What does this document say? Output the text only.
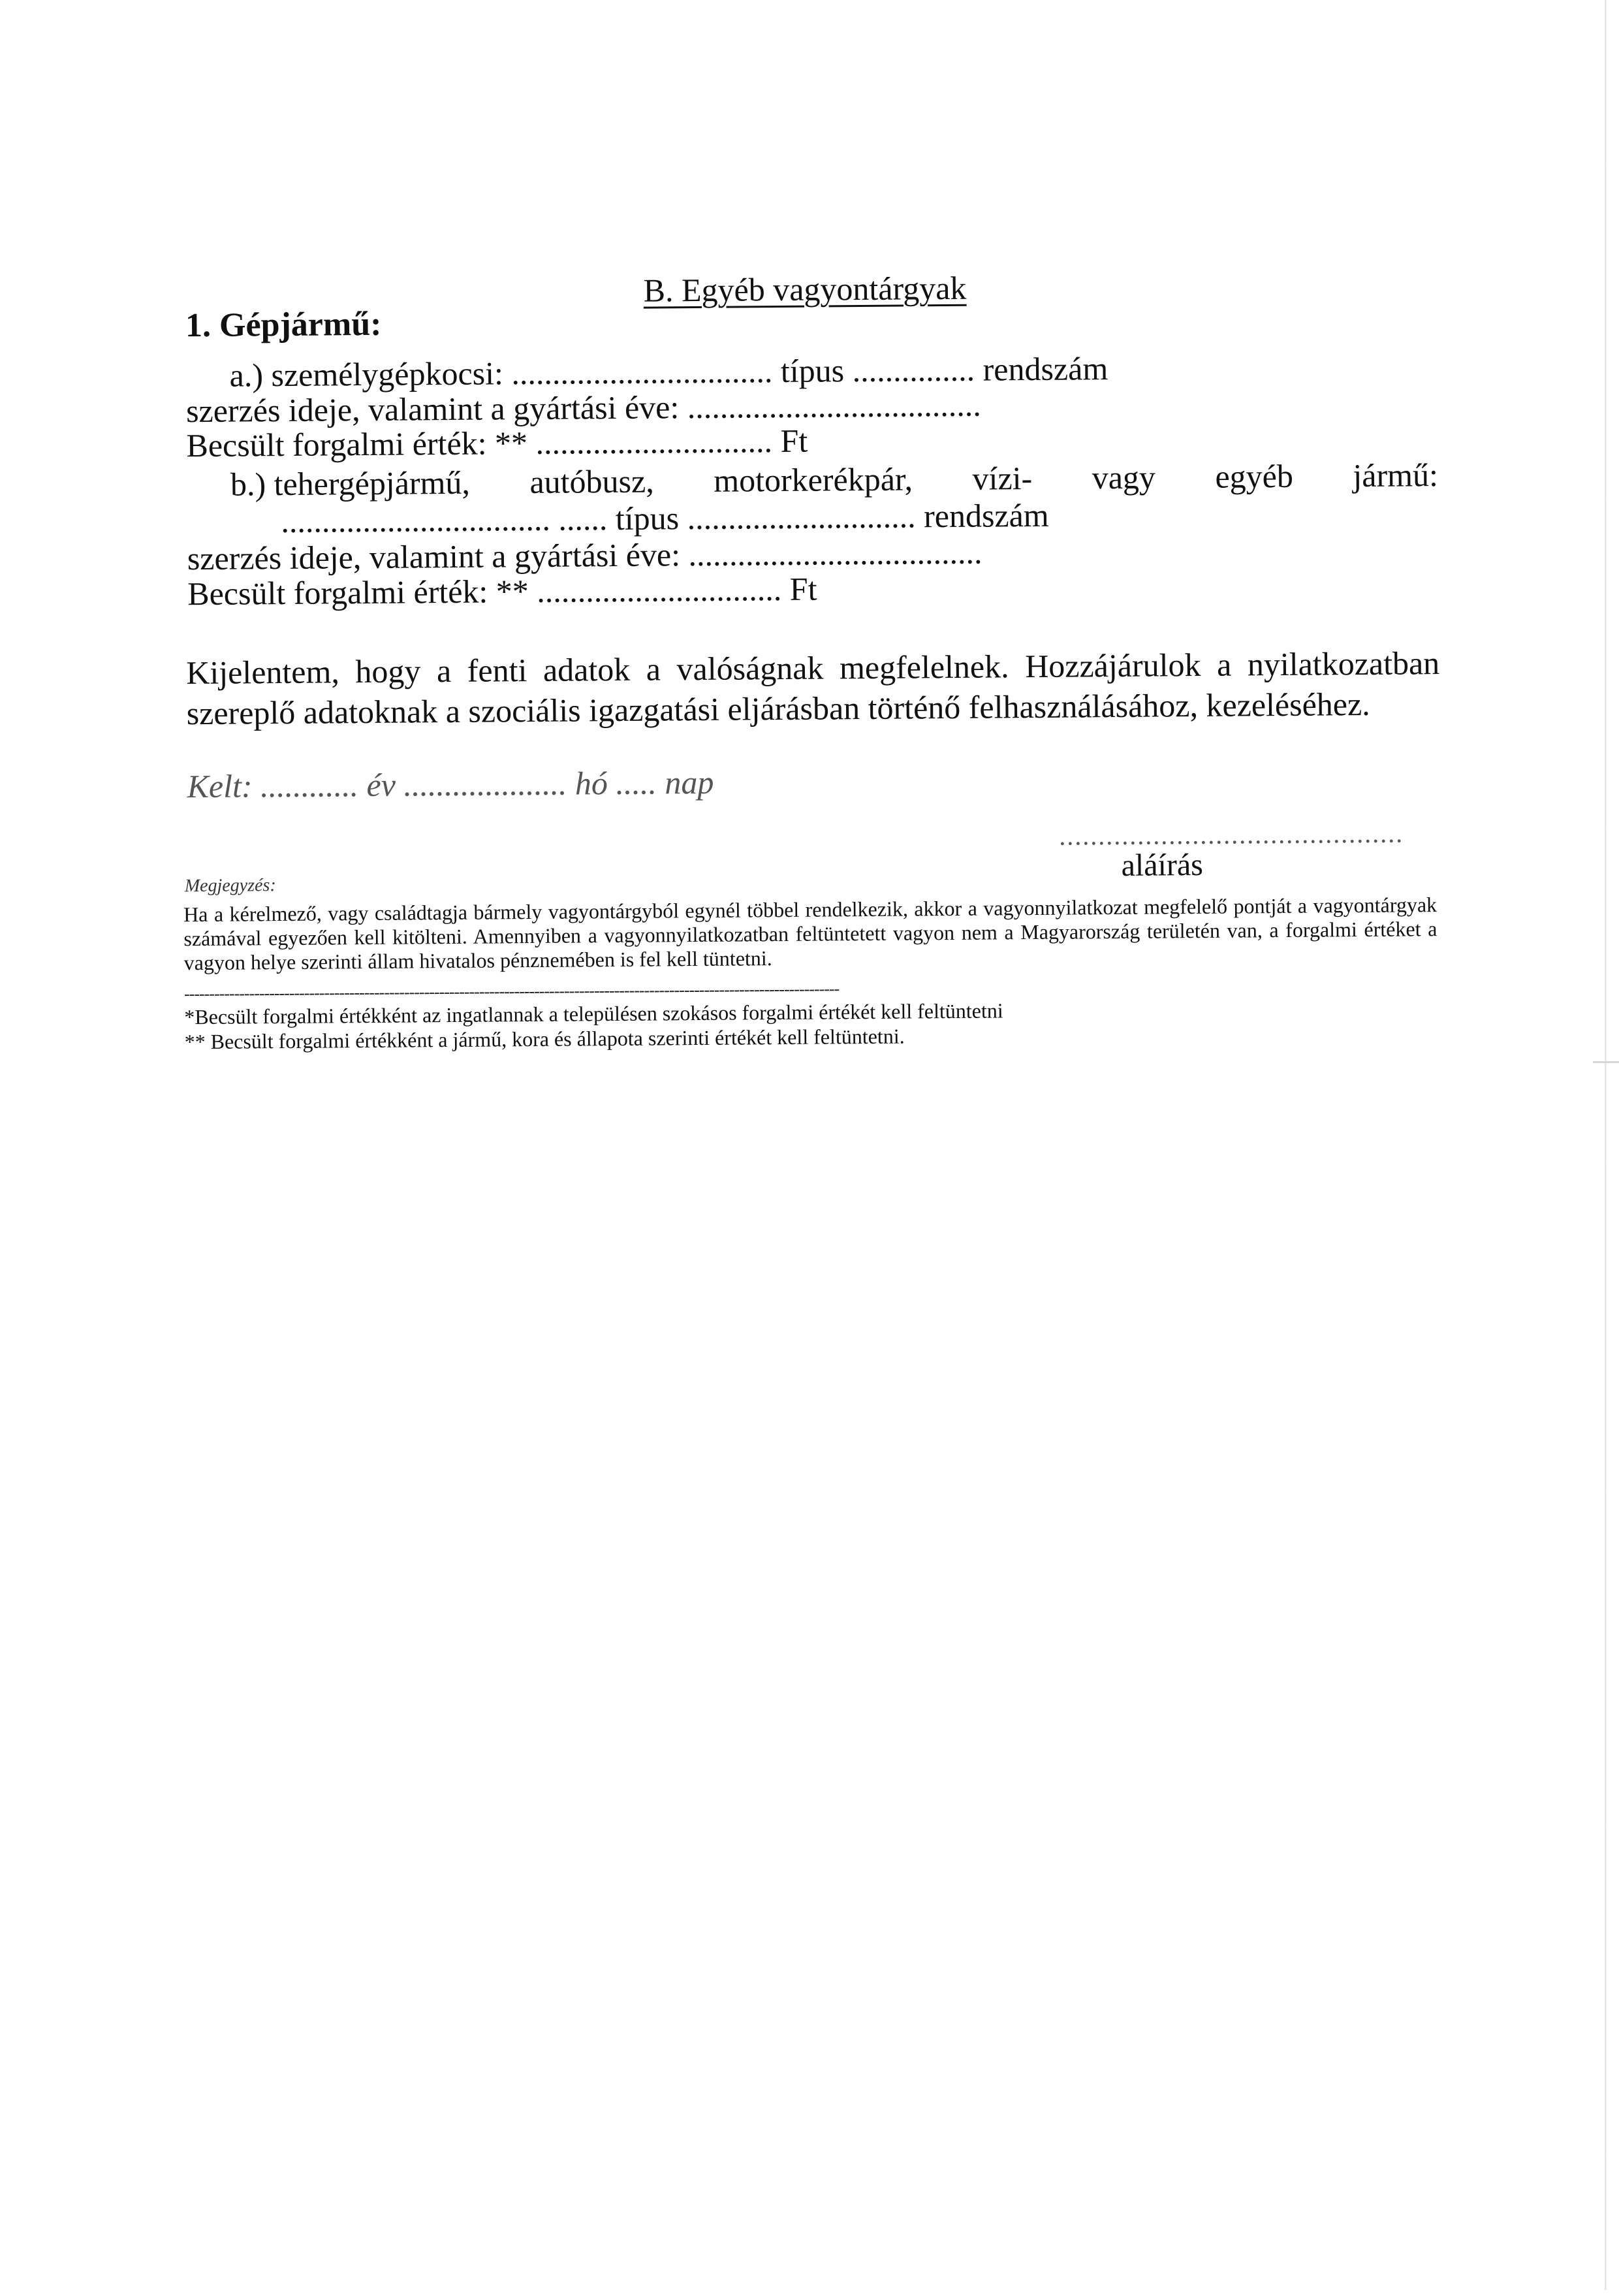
B. Egyéb vagyontárgyak
1. Gépjármű:
a.) személygépkocsi: ................................ típus ............... rendszám
szerzés ideje, valamint a gyártási éve: ....................................
Becsült forgalmi érték: ** ............................. Ft
b.) tehergépjármű, autóbusz, motorkerékpár, vízi- vagy egyéb jármű:
................................. ...... típus ............................ rendszám
szerzés ideje, valamint a gyártási éve: ....................................
Becsült forgalmi érték: ** .............................. Ft
Kijelentem, hogy a fenti adatok a valóságnak megfelelnek. Hozzájárulok a nyilatkozatban szereplő adatoknak a szociális igazgatási eljárásban történő felhasználásához, kezeléséhez.
Kelt: ............ év .................... hó ..... nap
............................................
aláírás
Megjegyzés:
Ha a kérelmező, vagy családtagja bármely vagyontárgyból egynél többel rendelkezik, akkor a vagyonnyilatkozat megfelelő pontját a vagyontárgyak számával egyezően kell kitölteni. Amennyiben a vagyonnyilatkozatban feltüntetett vagyon nem a Magyarország területén van, a forgalmi értéket a vagyon helye szerinti állam hivatalos pénznemében is fel kell tüntetni.
-----------------------------------------------------------------------------------------------------------------------------------
*Becsült forgalmi értékként az ingatlannak a településen szokásos forgalmi értékét kell feltüntetni
** Becsült forgalmi értékként a jármű, kora és állapota szerinti értékét kell feltüntetni.
